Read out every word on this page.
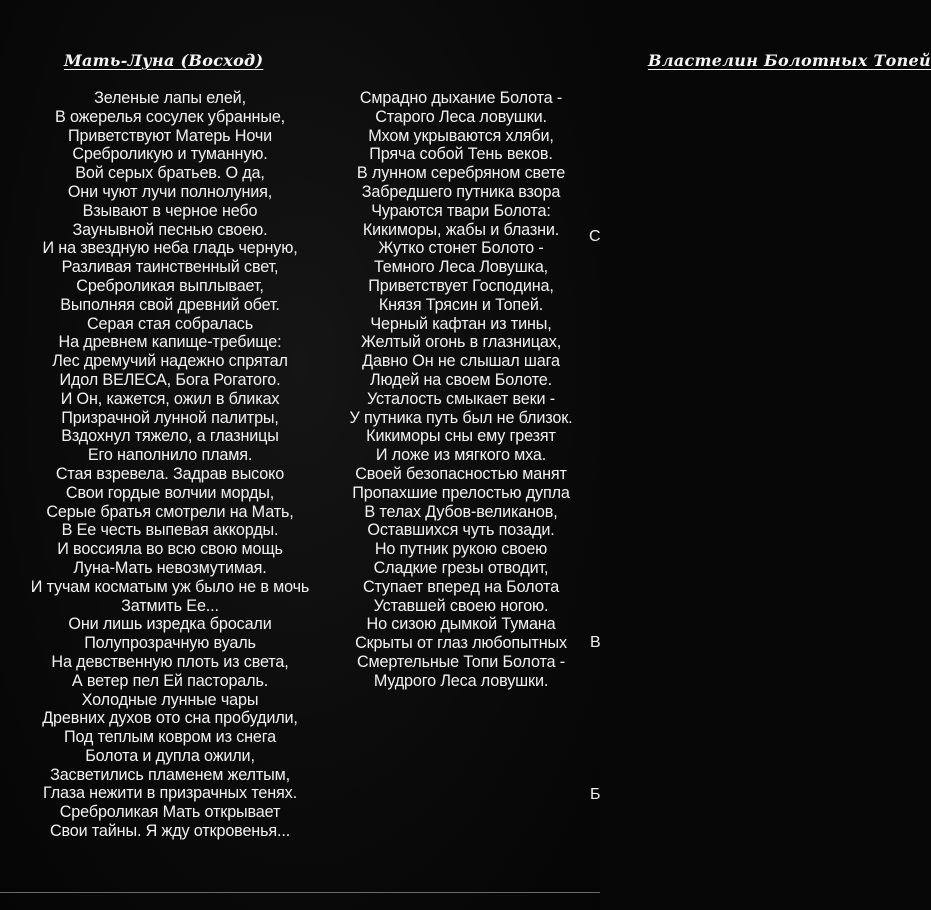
Мать-Луна (Восход)
Зеленые лапы елей,
В ожерелья сосулек убранные,
Приветствуют Матерь Ночи
Среброликую и туманную.
Вой серых братьев. О да,
Они чуют лучи полнолуния,
Взывают в черное небо
Заунывной песнью своею.
И на звездную неба гладь черную,
Разливая таинственный свет,
Среброликая выплывает,
Выполняя свой древний обет.
Серая стая собралась
На древнем капище-требище:
Лес дремучий надежно спрятал
Идол ВЕЛЕСА, Бога Рогатого.
И Он, кажется, ожил в бликах
Призрачной лунной палитры,
Вздохнул тяжело, а глазницы
Его наполнило пламя.
Стая взревела. Задрав высоко
Свои гордые волчии морды,
Серые братья смотрели на Мать,
В Ее честь выпевая аккорды.
И воссияла во всю свою мощь
Луна-Мать невозмутимая.
И тучам косматым уж было не в мочь
Затмить Ее...
Они лишь изредка бросали
Полупрозрачную вуаль
На девственную плоть из света,
А ветер пел Ей пастораль.
Холодные лунные чары
Древних духов ото сна пробудили,
Под теплым ковром из снега
Болота и дупла ожили,
Засветились пламенем желтым,
Глаза нежити в призрачных тенях.
Среброликая Мать открывает
Свои тайны. Я жду откровенья...
Властелин Болотных Топей
Смрадно дыхание Болота -
Старого Леса ловушки.
Мхом укрываются хляби,
Пряча собой Тень веков.
В лунном серебряном свете
Забредшего путника взора
Чураются твари Болота:
Кикиморы, жабы и блазни.
Жутко стонет Болото -
Темного Леса Ловушка,
Приветствует Господина,
Князя Трясин и Топей.
Черный кафтан из тины,
Желтый огонь в глазницах,
Давно Он не слышал шага
Людей на своем Болоте.
Усталость смыкает веки -
У путника путь был не близок.
Кикиморы сны ему грезят
И ложе из мягкого мха.
Своей безопасностью манят
Пропахшие прелостью дупла
В телах Дубов-великанов,
Оставшихся чуть позади.
Но путник рукою своею
Сладкие грезы отводит,
Ступает вперед на Болота
Уставшей своею ногою.
Но сизою дымкой Тумана
Скрыты от глаз любопытных
Смертельные Топи Болота -
Мудрого Леса ловушки.
С
В
Б
